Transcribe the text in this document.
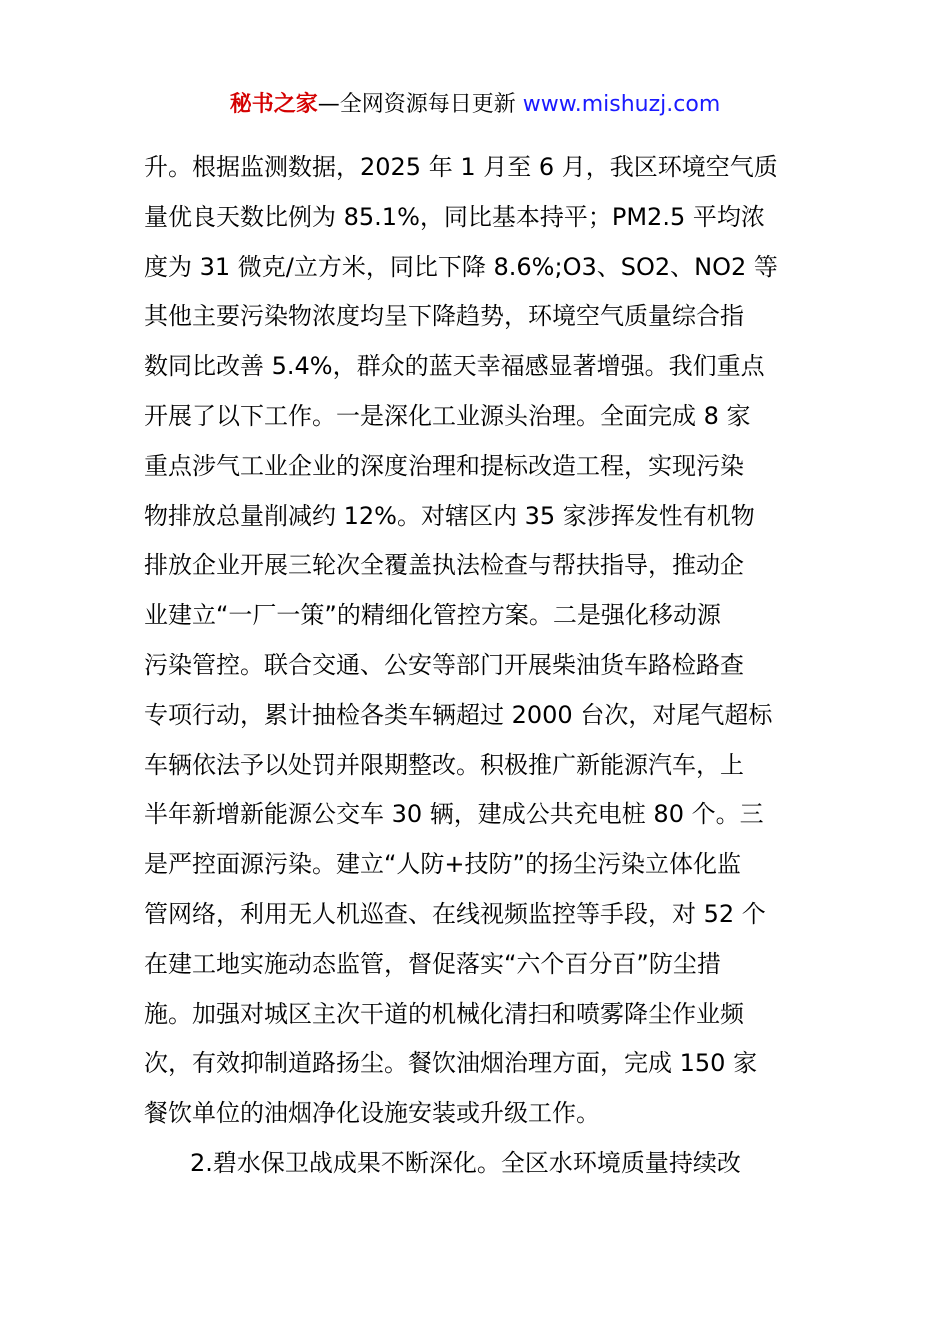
秘书之家—全网资源每日更新 www.mishuzj.com
升。根据监测数据，2025 年 1 月至 6 月，我区环境空气质
量优良天数比例为 85.1%，同比基本持平；PM2.5 平均浓
度为 31 微克/立方米，同比下降 8.6%;O3、SO2、NO2 等
其他主要污染物浓度均呈下降趋势，环境空气质量综合指
数同比改善 5.4%，群众的蓝天幸福感显著增强。我们重点
开展了以下工作。一是深化工业源头治理。全面完成 8 家
重点涉气工业企业的深度治理和提标改造工程，实现污染
物排放总量削减约 12%。对辖区内 35 家涉挥发性有机物
排放企业开展三轮次全覆盖执法检查与帮扶指导，推动企
业建立“一厂一策”的精细化管控方案。二是强化移动源
污染管控。联合交通、公安等部门开展柴油货车路检路查
专项行动，累计抽检各类车辆超过 2000 台次，对尾气超标
车辆依法予以处罚并限期整改。积极推广新能源汽车，上
半年新增新能源公交车 30 辆，建成公共充电桩 80 个。三
是严控面源污染。建立“人防+技防”的扬尘污染立体化监
管网络，利用无人机巡查、在线视频监控等手段，对 52 个
在建工地实施动态监管，督促落实“六个百分百”防尘措
施。加强对城区主次干道的机械化清扫和喷雾降尘作业频
次，有效抑制道路扬尘。餐饮油烟治理方面，完成 150 家
餐饮单位的油烟净化设施安装或升级工作。
2.碧水保卫战成果不断深化。全区水环境质量持续改
